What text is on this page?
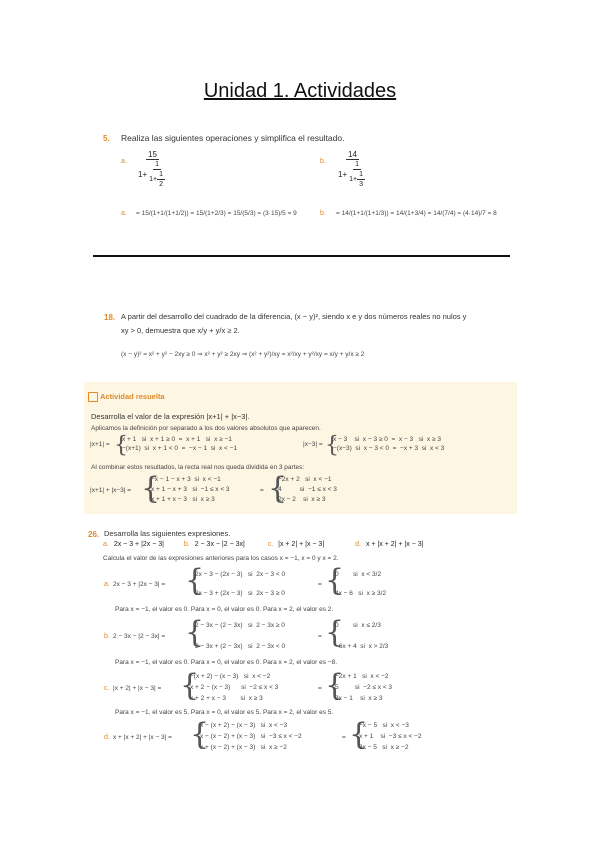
Unidad 1. Actividades
5. Realiza las siguientes operaciones y simplifica el resultado.
a.
15
$1+ \frac{1}{1+ \frac{1}{2}}$	b.
14
$1+ \frac{1}{1+ \frac{1}{3}}$
a. = 15/(1+1/(1+1/2)) = 15/(1+2/3) = 15/(5/3) = (3·15)/5 = 9	b. = 14/(1+1/(1+1/3)) = 14/(1+3/4) = 14/(7/4) = (4·14)/7 = 8
18. A partir del desarrollo del cuadrado de la diferencia, (x − y)², siendo x e y dos números reales no nulos y
xy > 0, demuestra que x/y + y/x ≥ 2.
(x − y)² = x² + y² − 2xy ≥ 0 ⇒ x² + y² ≥ 2xy ⇒ (x² + y²)/xy = x²/xy + y²/xy = x/y + y/x ≥ 2
Actividad resuelta
Desarrolla el valor de la expresión |x+1| + |x−3|.
Aplicamos la definición por separado a los dos valores absolutos que aparecen.
|x+1| = {
x + 1   si  x + 1 ≥ 0  =  x + 1   si  x ≥ −1
−(x+1)  si  x + 1 < 0  =  −x − 1  si  x < −1
|x−3| = {
x − 3    si  x − 3 ≥ 0  =  x − 3   si  x ≥ 3
−(x−3)  si  x − 3 < 0  =  −x + 3  si  x < 3
Al combinar estos resultados, la recta real nos queda dividida en 3 partes:
|x+1| + |x−3| = {
−x − 1 − x + 3  si  x < −1
x + 1 − x + 3   si  −1 ≤ x < 3
x + 1 + x − 3   si  x ≥ 3
= {
−2x + 2   si  x < −1
4          si  −1 ≤ x < 3
2x − 2    si  x ≥ 3
26. Desarrolla las siguientes expresiones.
a. 2x − 3 + |2x − 3|	b. 2 − 3x − |2 − 3x|	c. |x + 2| + |x − 3|	d. x + |x + 2| + |x − 3|
Calcula el valor de las expresiones anteriores para los casos x = −1, x = 0 y x = 2.
a. 2x − 3 + |2x − 3| = {
2x − 3 − (2x − 3)   si  2x − 3 < 0
2x − 3 + (2x − 3)   si  2x − 3 ≥ 0
= {
0        si  x < 3/2
4x − 6   si  x ≥ 3/2
Para x = −1, el valor es 0. Para x = 0, el valor es 0. Para x = 2, el valor es 2.
b. 2 − 3x − |2 − 3x| = {
2 − 3x − (2 − 3x)   si  2 − 3x ≥ 0
2 − 3x + (2 − 3x)   si  2 − 3x < 0
= {
0        si  x ≤ 2/3
−6x + 4  si  x > 2/3
Para x = −1, el valor es 0. Para x = 0, el valor es 0. Para x = 2, el valor es −8.
c. |x + 2| + |x − 3| = {
−(x + 2) − (x − 3)   si  x < −2
x + 2 − (x − 3)      si  −2 ≤ x < 3
x + 2 + x − 3        si  x ≥ 3
= {
−2x + 1   si  x < −2
5         si  −2 ≤ x < 3
2x − 1    si  x ≥ 3
Para x = −1, el valor es 5. Para x = 0, el valor es 5. Para x = 2, el valor es 5.
d. x + |x + 2| + |x − 3| = {
x − (x + 2) − (x − 3)   si  x < −3
x − (x − 2) + (x − 3)   si  −3 ≤ x < −2
x + (x − 2) + (x − 3)   si  x ≥ −2
= {
−x − 5   si  x < −3
x + 1    si  −3 ≤ x < −2
3x − 5   si  x ≥ −2
